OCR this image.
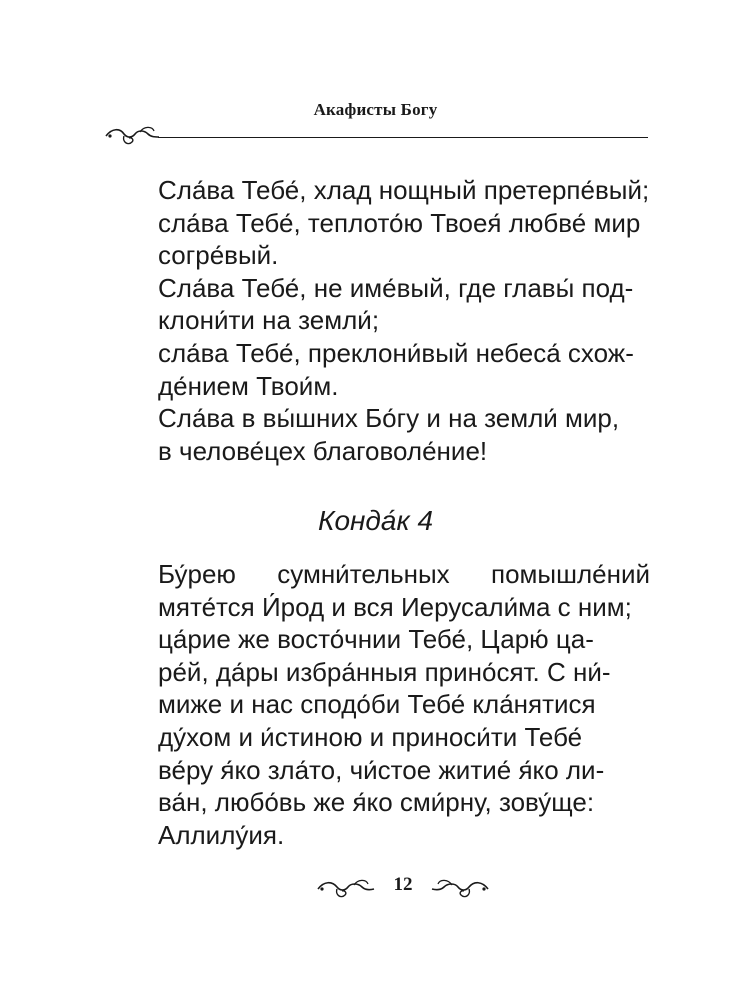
Акафисты Богу
Сла́ва Тебе́, хлад нощный претерпе́вый;
сла́ва Тебе́, теплото́ю Твоея́ любве́ мир
согре́вый.
Сла́ва Тебе́, не име́вый, где главы́ под-
клони́ти на земли́;
сла́ва Тебе́, преклони́вый небеса́ схож-
де́нием Твои́м.
Сла́ва в вы́шних Бо́гу и на земли́ мир,
в челове́цех благоволе́ние!
Конда́к 4
Бу́рею сумни́тельных помышле́ний
мяте́тся И́род и вся Иерусали́ма с ним;
ца́рие же восто́чнии Тебе́, Царю́ ца-
ре́й, да́ры избра́нныя прино́сят. С ни́-
миже и нас сподо́би Тебе́ кла́нятися
ду́хом и и́стиною и приноси́ти Тебе́
ве́ру я́ко зла́то, чи́стое житие́ я́ко ли-
ва́н, любо́вь же я́ко сми́рну, зову́ще:
Аллилу́ия.
12
